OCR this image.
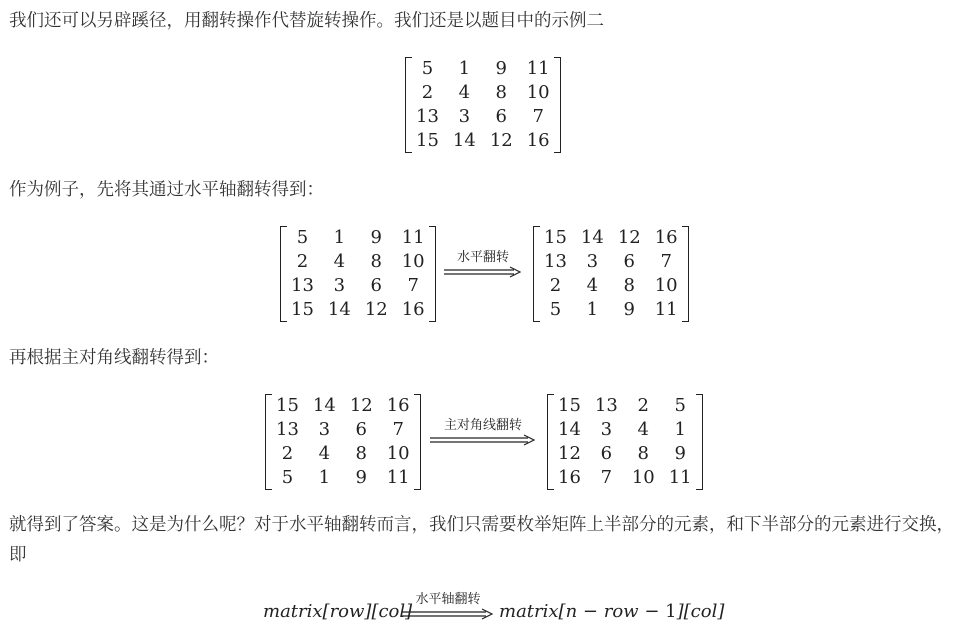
我们还可以另辟蹊径，用翻转操作代替旋转操作。我们还是以题目中的示例二

5	1	9	11
2	4	8	10
13	3	6	7
15	14	12	16

作为例子，先将其通过水平轴翻转得到：

5	1	9	11
2	4	8	10
13	3	6	7
15	14	12	16
水平翻转
15	14	12	16
13	3	6	7
2	4	8	10
5	1	9	11

再根据主对角线翻转得到：

15	14	12	16
13	3	6	7
2	4	8	10
5	1	9	11
主对角线翻转
15	13	2	5
14	3	4	1
12	6	8	9
16	7	10	11

就得到了答案。这是为什么呢？对于水平轴翻转而言，我们只需要枚举矩阵上半部分的元素，和下半部分的元素进行交换，即

matrix[row][col]
水平轴翻转
matrix[n − row − 1][col]
